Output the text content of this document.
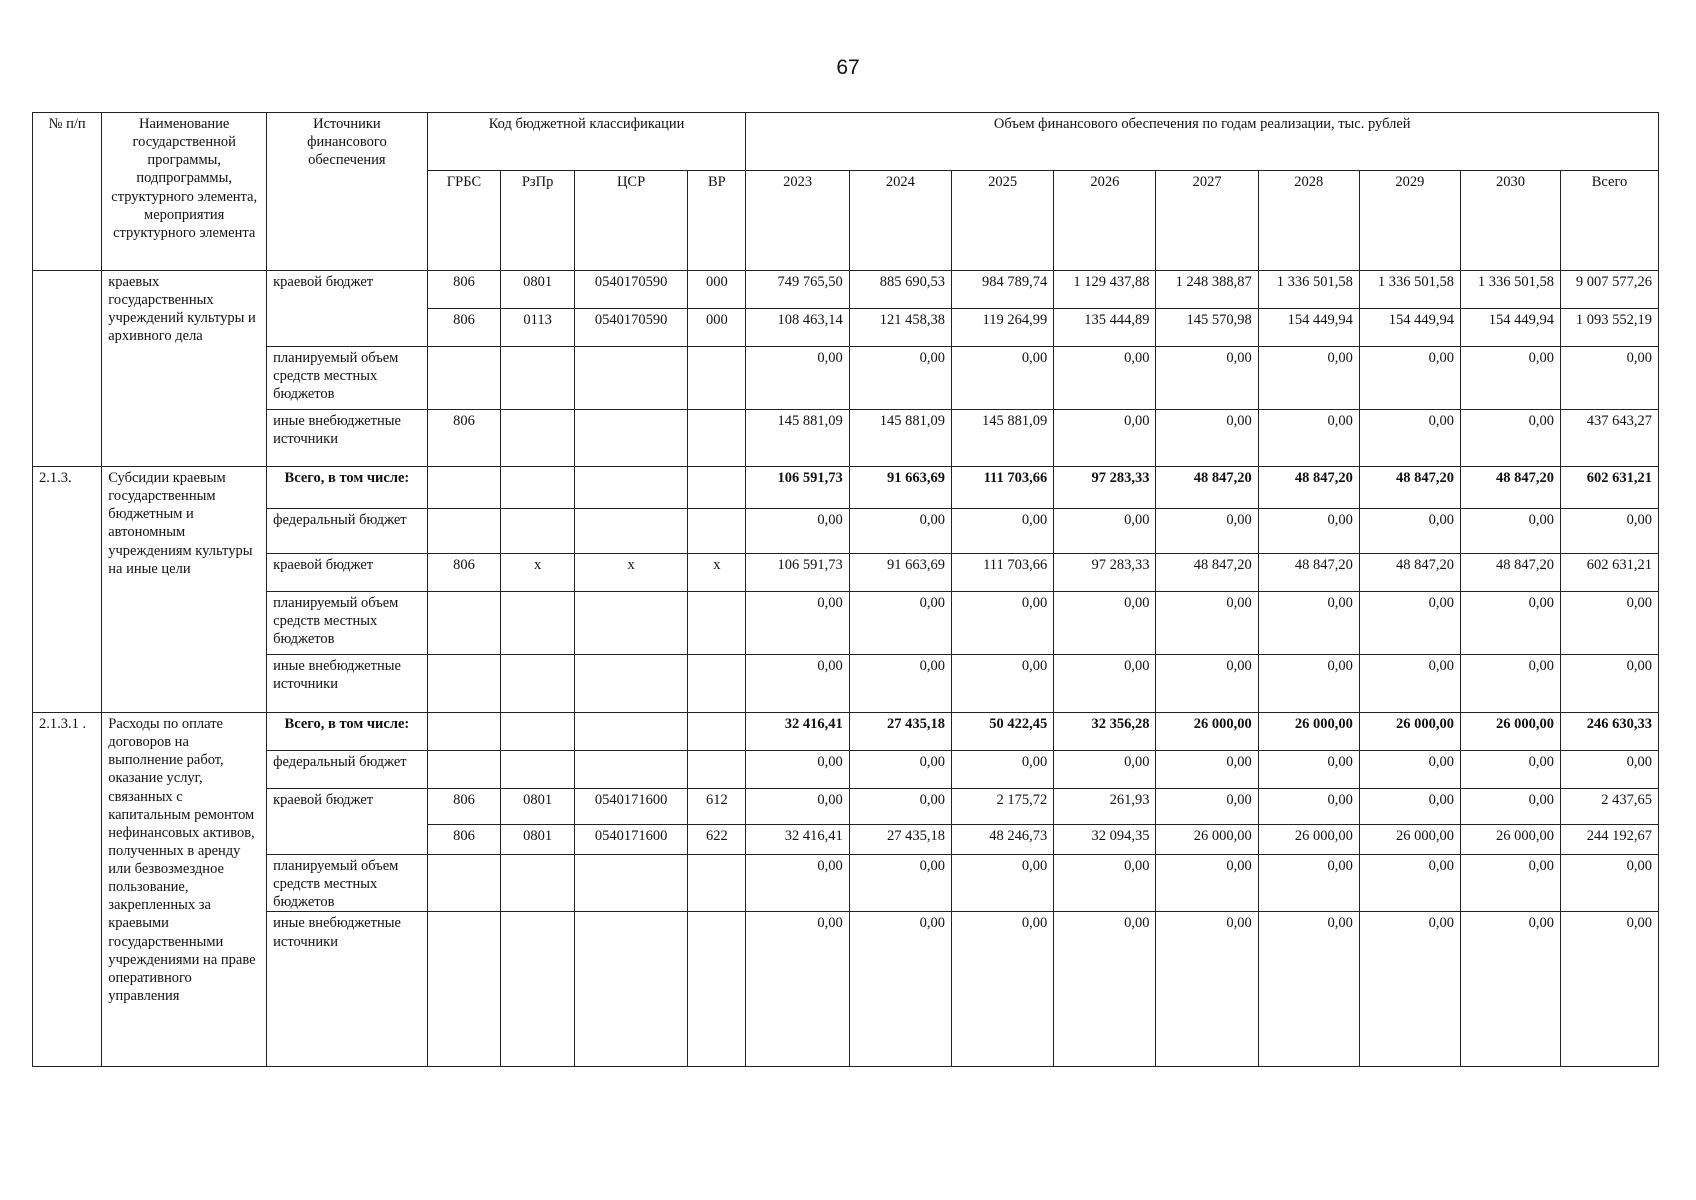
67
№ п/п	Наименование государственной программы, подпрограммы, структурного элемента, мероприятия структурного элемента	Источники финансового обеспечения	Код бюджетной классификации				Объем финансового обеспечения по годам реализации, тыс. рублей								
			ГРБС	РзПр	ЦСР	ВР	2023	2024	2025	2026	2027	2028	2029	2030	Всего
	краевых государственных учреждений культуры и архивного дела	краевой бюджет	806	0801	0540170590	000	749 765,50	885 690,53	984 789,74	1 129 437,88	1 248 388,87	1 336 501,58	1 336 501,58	1 336 501,58	9 007 577,26
			806	0113	0540170590	000	108 463,14	121 458,38	119 264,99	135 444,89	145 570,98	154 449,94	154 449,94	154 449,94	1 093 552,19
		планируемый объем средств местных бюджетов					0,00	0,00	0,00	0,00	0,00	0,00	0,00	0,00	0,00
		иные внебюджетные источники	806				145 881,09	145 881,09	145 881,09	0,00	0,00	0,00	0,00	0,00	437 643,27
2.1.3.	Субсидии краевым государственным бюджетным и автономным учреждениям культуры на иные цели	Всего, в том числе:					106 591,73	91 663,69	111 703,66	97 283,33	48 847,20	48 847,20	48 847,20	48 847,20	602 631,21
		федеральный бюджет					0,00	0,00	0,00	0,00	0,00	0,00	0,00	0,00	0,00
		краевой бюджет	806	x	x	x	106 591,73	91 663,69	111 703,66	97 283,33	48 847,20	48 847,20	48 847,20	48 847,20	602 631,21
		планируемый объем средств местных бюджетов					0,00	0,00	0,00	0,00	0,00	0,00	0,00	0,00	0,00
		иные внебюджетные источники					0,00	0,00	0,00	0,00	0,00	0,00	0,00	0,00	0,00
2.1.3.1 .	Расходы по оплате договоров на выполнение работ, оказание услуг, связанных с капитальным ремонтом нефинансовых активов, полученных в аренду или безвозмездное пользование, закрепленных за краевыми государственными учреждениями на праве оперативного управления	Всего, в том числе:					32 416,41	27 435,18	50 422,45	32 356,28	26 000,00	26 000,00	26 000,00	26 000,00	246 630,33
		федеральный бюджет					0,00	0,00	0,00	0,00	0,00	0,00	0,00	0,00	0,00
		краевой бюджет	806	0801	0540171600	612	0,00	0,00	2 175,72	261,93	0,00	0,00	0,00	0,00	2 437,65
			806	0801	0540171600	622	32 416,41	27 435,18	48 246,73	32 094,35	26 000,00	26 000,00	26 000,00	26 000,00	244 192,67
		планируемый объем средств местных бюджетов					0,00	0,00	0,00	0,00	0,00	0,00	0,00	0,00	0,00
		иные внебюджетные источники					0,00	0,00	0,00	0,00	0,00	0,00	0,00	0,00	0,00
